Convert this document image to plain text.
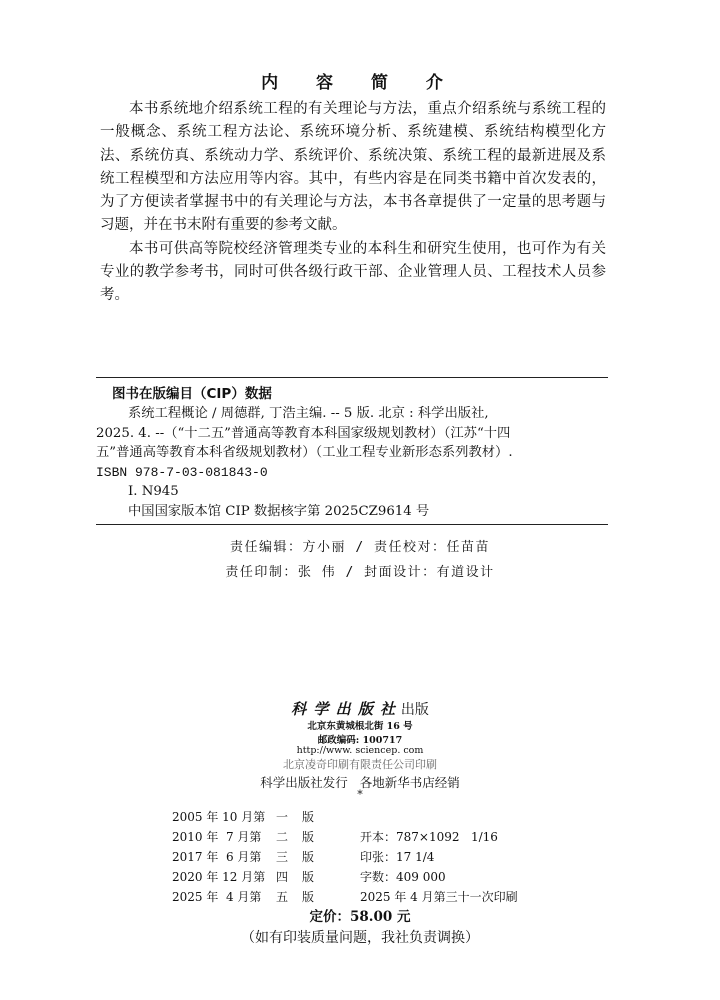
内 容 简 介

本书系统地介绍系统工程的有关理论与方法，重点介绍系统与系统工程的一般概念、系统工程方法论、系统环境分析、系统建模、系统结构模型化方法、系统仿真、系统动力学、系统评价、系统决策、系统工程的最新进展及系统工程模型和方法应用等内容。其中，有些内容是在同类书籍中首次发表的，为了方便读者掌握书中的有关理论与方法，本书各章提供了一定量的思考题与习题，并在书末附有重要的参考文献。

本书可供高等院校经济管理类专业的本科生和研究生使用，也可作为有关专业的教学参考书，同时可供各级行政干部、企业管理人员、工程技术人员参考。

图书在版编目（CIP）数据
系统工程概论 / 周德群, 丁浩主编. -- 5 版. 北京 : 科学出版社,
2025. 4. --（“十二五”普通高等教育本科国家级规划教材）（江苏“十四
五”普通高等教育本科省级规划教材）（工业工程专业新形态系列教材）.
ISBN 978-7-03-081843-0
Ⅰ. N945
中国国家版本馆 CIP 数据核字第 2025CZ9614 号
责任编辑：方小丽 / 责任校对：任苗苗
责任印制：张 伟 / 封面设计：有道设计
科 学 出 版 社 出版
北京东黄城根北街 16 号
邮政编码: 100717
http://www. sciencep. com
北京凌奇印刷有限责任公司印刷
科学出版社发行   各地新华书店经销
*
2005 年 10 月第	一	版	
2010 年  7 月第	二	版	开本：787×1092   1/16
2017 年  6 月第	三	版	印张：17 1/4
2020 年 12 月第	四	版	字数：409 000
2025 年  4 月第	五	版	2025 年 4 月第三十一次印刷
定价：58.00 元
（如有印装质量问题，我社负责调换）
